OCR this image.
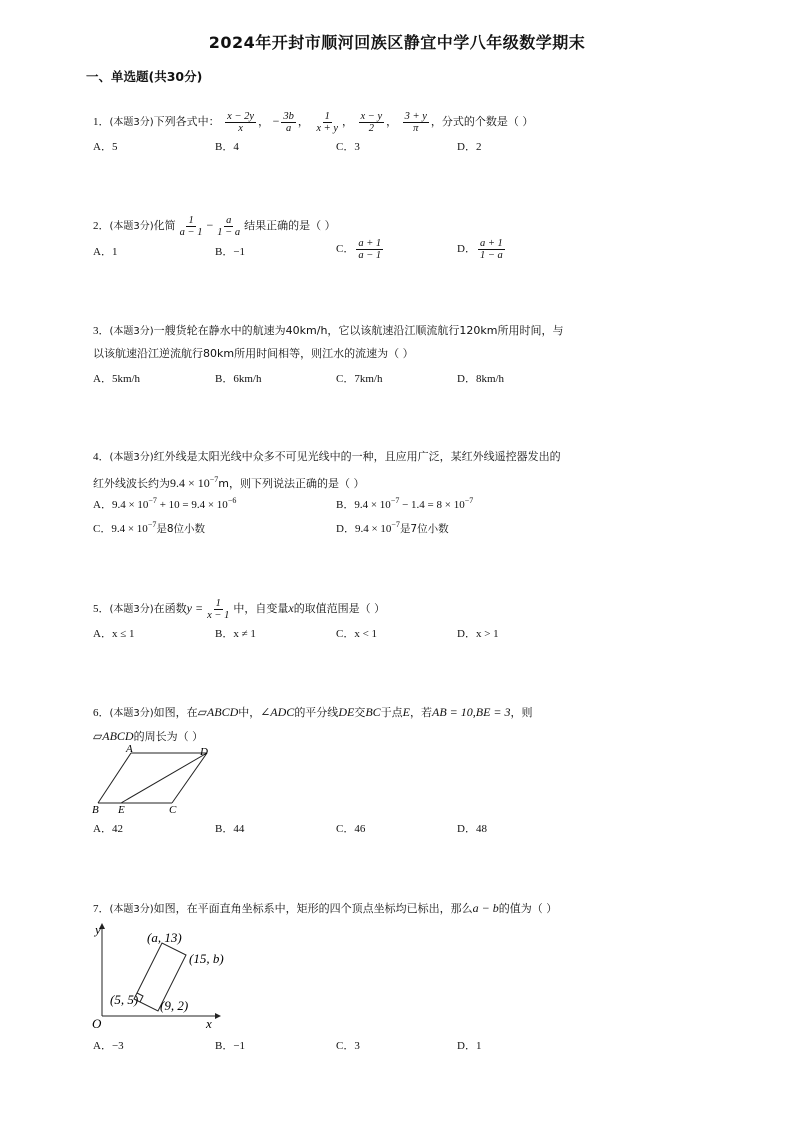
2024年开封市顺河回族区静宜中学八年级数学期末
一、单选题(共30分)
1．(本题3分)下列各式中： $\frac{x - 2y}{x}$ ， − $\frac{3b}{a}$ ， $\frac{1}{x + y}$ ， $\frac{x - y}{2}$ ， $\frac{3 + y}{\pi}$ ，分式的个数是（ ）
A．5	B．4	C．3	D．2
2．(本题3分)化简 $\frac{1}{a - 1} - \frac{a}{1 - a}$ 结果正确的是（ ）
A．1	B．−1	C． $\frac{a + 1}{a - 1}$	D． $\frac{a + 1}{1 - a}$
3．(本题3分)一艘货轮在静水中的航速为40km/h，它以该航速沿江顺流航行120km所用时间，与
以该航速沿江逆流航行80km所用时间相等，则江水的流速为（ ）
A．5km/h	B．6km/h	C．7km/h	D．8km/h
4．(本题3分)红外线是太阳光线中众多不可见光线中的一种，且应用广泛，某红外线遥控器发出的
红外线波长约为$9.4 \times 10^{-7}m$，则下列说法正确的是（ ）
A．$9.4 \times 10^{-7} + 10 = 9.4 \times 10^{-6}$	B．$9.4 \times 10^{-7} - 1.4 = 8 \times 10^{-7}$
C．$9.4 \times 10^{-7}$是8位小数	D．$9.4 \times 10^{-7}$是7位小数
5．(本题3分)在函数$y = \frac{1}{x - 1}$ 中，自变量x的取值范围是（ ）
A．x ≤ 1	B．x ≠ 1	C．x < 1	D．x > 1
6．(本题3分)如图，在▱ABCD中，∠ADC的平分线DE交BC于点E，若AB = 10,BE = 3，则
▱ABCD的周长为（ ）
A	D
B E	C
A．42	B．44	C．46	D．48
7．(本题3分)如图，在平面直角坐标系中，矩形的四个顶点坐标均已标出，那么a − b的值为（ ）
y
x
O
(a, 13)
(15, b)
(5, 5) (9, 2)
A．−3	B．−1	C．3	D．1
